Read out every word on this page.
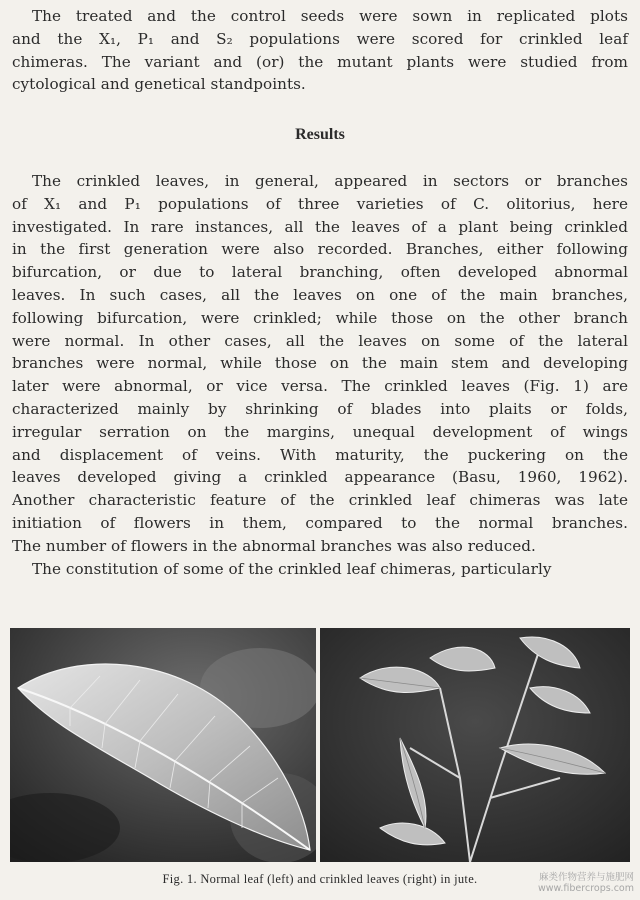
The treated and the control seeds were sown in replicated plots
and the X₁, P₁ and S₂ populations were scored for crinkled leaf
chimeras. The variant and (or) the mutant plants were studied from
cytological and genetical standpoints.
Results
The crinkled leaves, in general, appeared in sectors or branches
of X₁ and P₁ populations of three varieties of C. olitorius, here
investigated. In rare instances, all the leaves of a plant being crinkled
in the first generation were also recorded. Branches, either following
bifurcation, or due to lateral branching, often developed abnormal
leaves. In such cases, all the leaves on one of the main branches,
following bifurcation, were crinkled; while those on the other branch
were normal. In other cases, all the leaves on some of the lateral
branches were normal, while those on the main stem and developing
later were abnormal, or vice versa. The crinkled leaves (Fig. 1) are
characterized mainly by shrinking of blades into plaits or folds,
irregular serration on the margins, unequal development of wings
and displacement of veins. With maturity, the puckering on the
leaves developed giving a crinkled appearance (Basu, 1960, 1962).
Another characteristic feature of the crinkled leaf chimeras was late
initiation of flowers in them, compared to the normal branches.
The number of flowers in the abnormal branches was also reduced.
The constitution of some of the crinkled leaf chimeras, particularly
Fig. 1. Normal leaf (left) and crinkled leaves (right) in jute.	麻类作物营养与施肥网
www.fibercrops.com
